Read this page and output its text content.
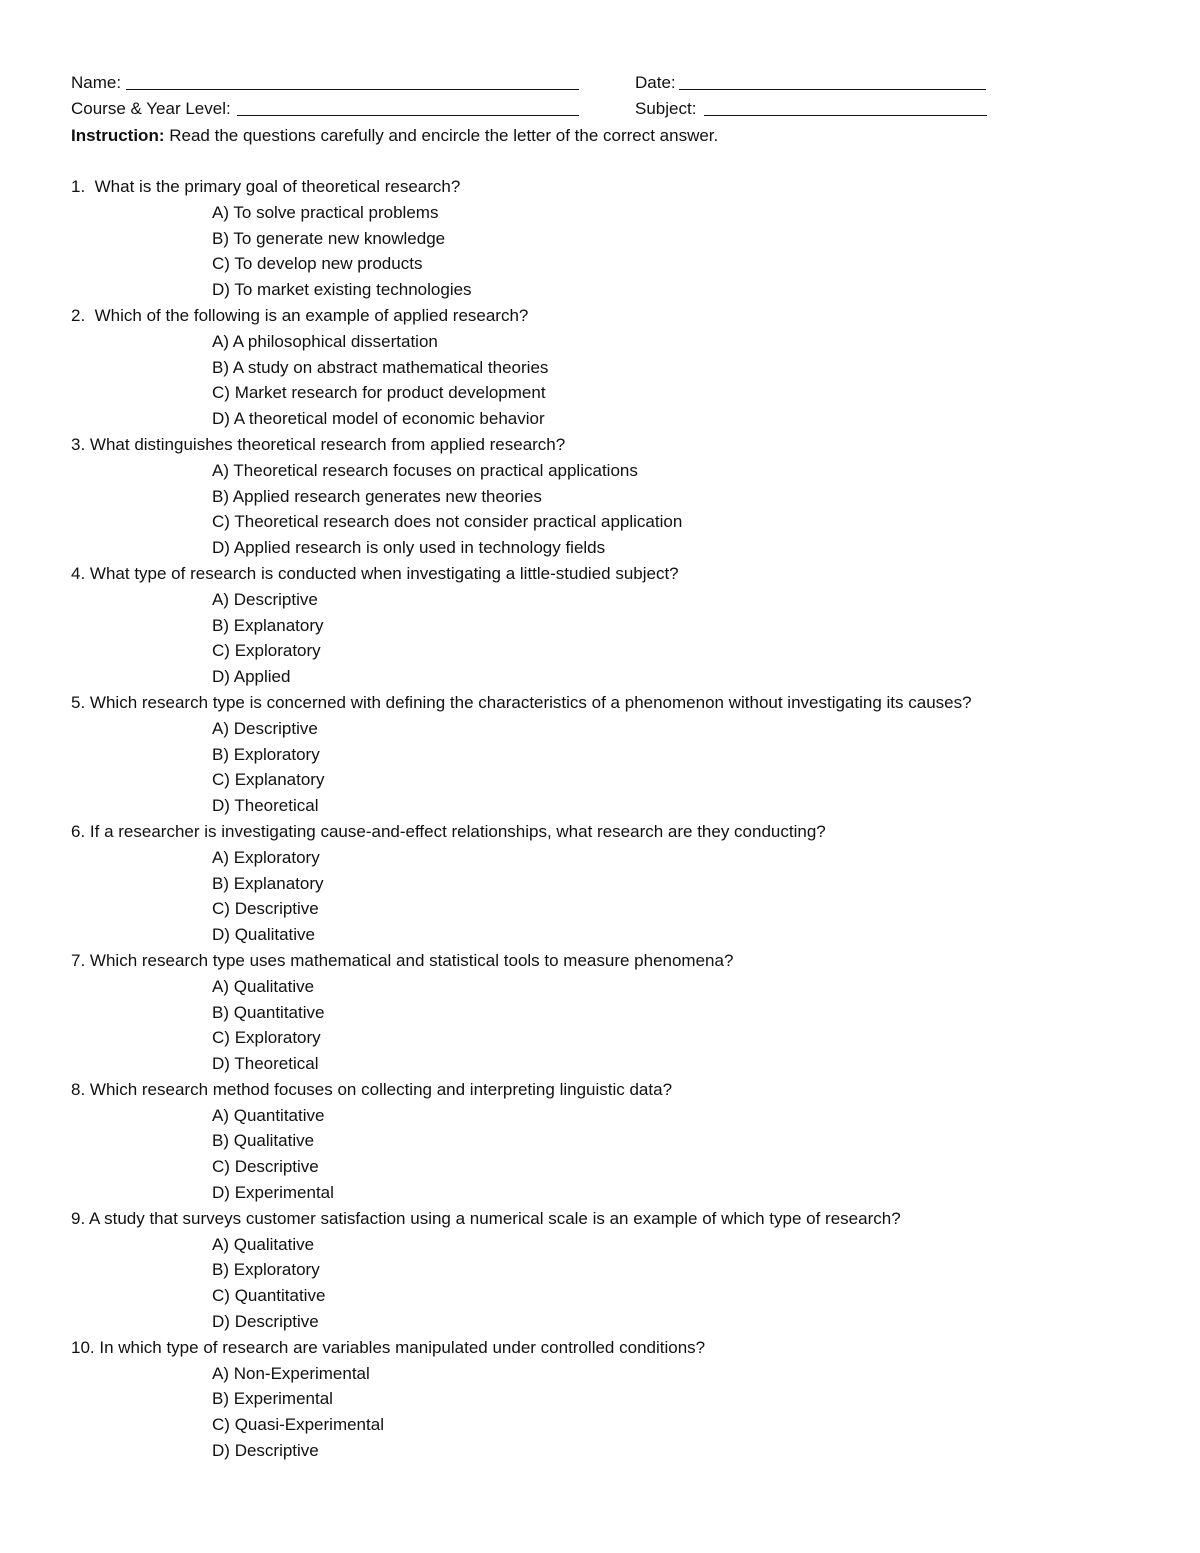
Name:	Date:
Course & Year Level:	Subject:
Instruction: Read the questions carefully and encircle the letter of the correct answer.
1. What is the primary goal of theoretical research?
A) To solve practical problems
B) To generate new knowledge
C) To develop new products
D) To market existing technologies
2. Which of the following is an example of applied research?
A) A philosophical dissertation
B) A study on abstract mathematical theories
C) Market research for product development
D) A theoretical model of economic behavior
3. What distinguishes theoretical research from applied research?
A) Theoretical research focuses on practical applications
B) Applied research generates new theories
C) Theoretical research does not consider practical application
D) Applied research is only used in technology fields
4. What type of research is conducted when investigating a little-studied subject?
A) Descriptive
B) Explanatory
C) Exploratory
D) Applied
5. Which research type is concerned with defining the characteristics of a phenomenon without investigating its causes?
A) Descriptive
B) Exploratory
C) Explanatory
D) Theoretical
6. If a researcher is investigating cause-and-effect relationships, what research are they conducting?
A) Exploratory
B) Explanatory
C) Descriptive
D) Qualitative
7. Which research type uses mathematical and statistical tools to measure phenomena?
A) Qualitative
B) Quantitative
C) Exploratory
D) Theoretical
8. Which research method focuses on collecting and interpreting linguistic data?
A) Quantitative
B) Qualitative
C) Descriptive
D) Experimental
9. A study that surveys customer satisfaction using a numerical scale is an example of which type of research?
A) Qualitative
B) Exploratory
C) Quantitative
D) Descriptive
10. In which type of research are variables manipulated under controlled conditions?
A) Non-Experimental
B) Experimental
C) Quasi-Experimental
D) Descriptive
